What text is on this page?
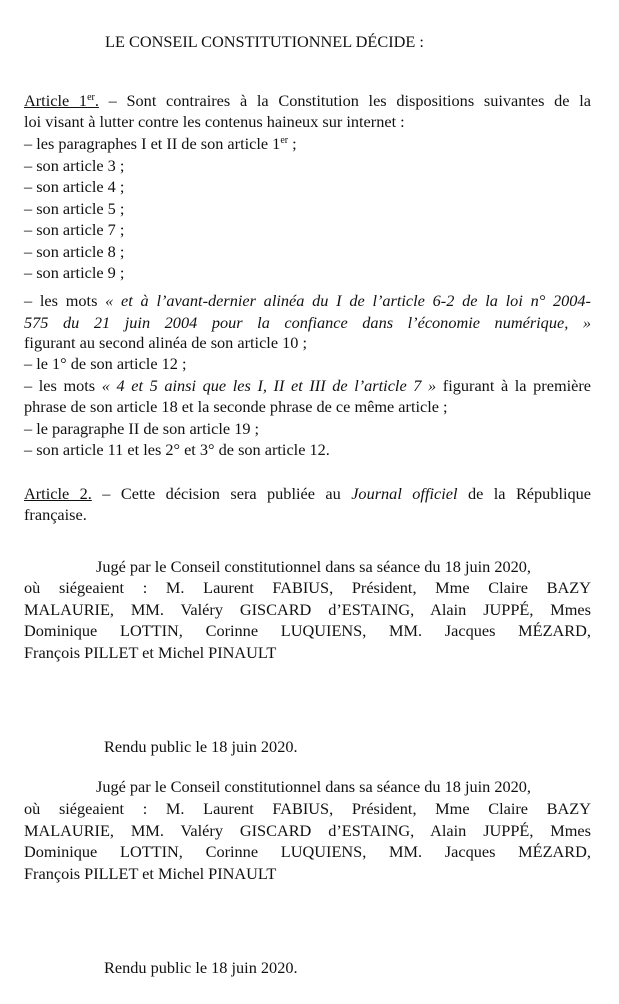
LE CONSEIL CONSTITUTIONNEL DÉCIDE :
Article 1er. – Sont contraires à la Constitution les dispositions suivantes de la
loi visant à lutter contre les contenus haineux sur internet :
– les paragraphes I et II de son article 1er ;
– son article 3 ;
– son article 4 ;
– son article 5 ;
– son article 7 ;
– son article 8 ;
– son article 9 ;
– les mots « et à l’avant-dernier alinéa du I de l’article 6-2 de la loi n° 2004-
575 du 21 juin 2004 pour la confiance dans l’économie numérique, »
figurant au second alinéa de son article 10 ;
– le 1° de son article 12 ;
– les mots « 4 et 5 ainsi que les I, II et III de l’article 7 » figurant à la première
phrase de son article 18 et la seconde phrase de ce même article ;
– le paragraphe II de son article 19 ;
– son article 11 et les 2° et 3° de son article 12.
Article 2. – Cette décision sera publiée au Journal officiel de la République
française.
Jugé par le Conseil constitutionnel dans sa séance du 18 juin 2020,
où siégeaient : M. Laurent FABIUS, Président, Mme Claire BAZY
MALAURIE, MM. Valéry GISCARD d’ESTAING, Alain JUPPÉ, Mmes
Dominique LOTTIN, Corinne LUQUIENS, MM. Jacques MÉZARD,
François PILLET et Michel PINAULT
Rendu public le 18 juin 2020.
Jugé par le Conseil constitutionnel dans sa séance du 18 juin 2020,
où siégeaient : M. Laurent FABIUS, Président, Mme Claire BAZY
MALAURIE, MM. Valéry GISCARD d’ESTAING, Alain JUPPÉ, Mmes
Dominique LOTTIN, Corinne LUQUIENS, MM. Jacques MÉZARD,
François PILLET et Michel PINAULT
Rendu public le 18 juin 2020.
